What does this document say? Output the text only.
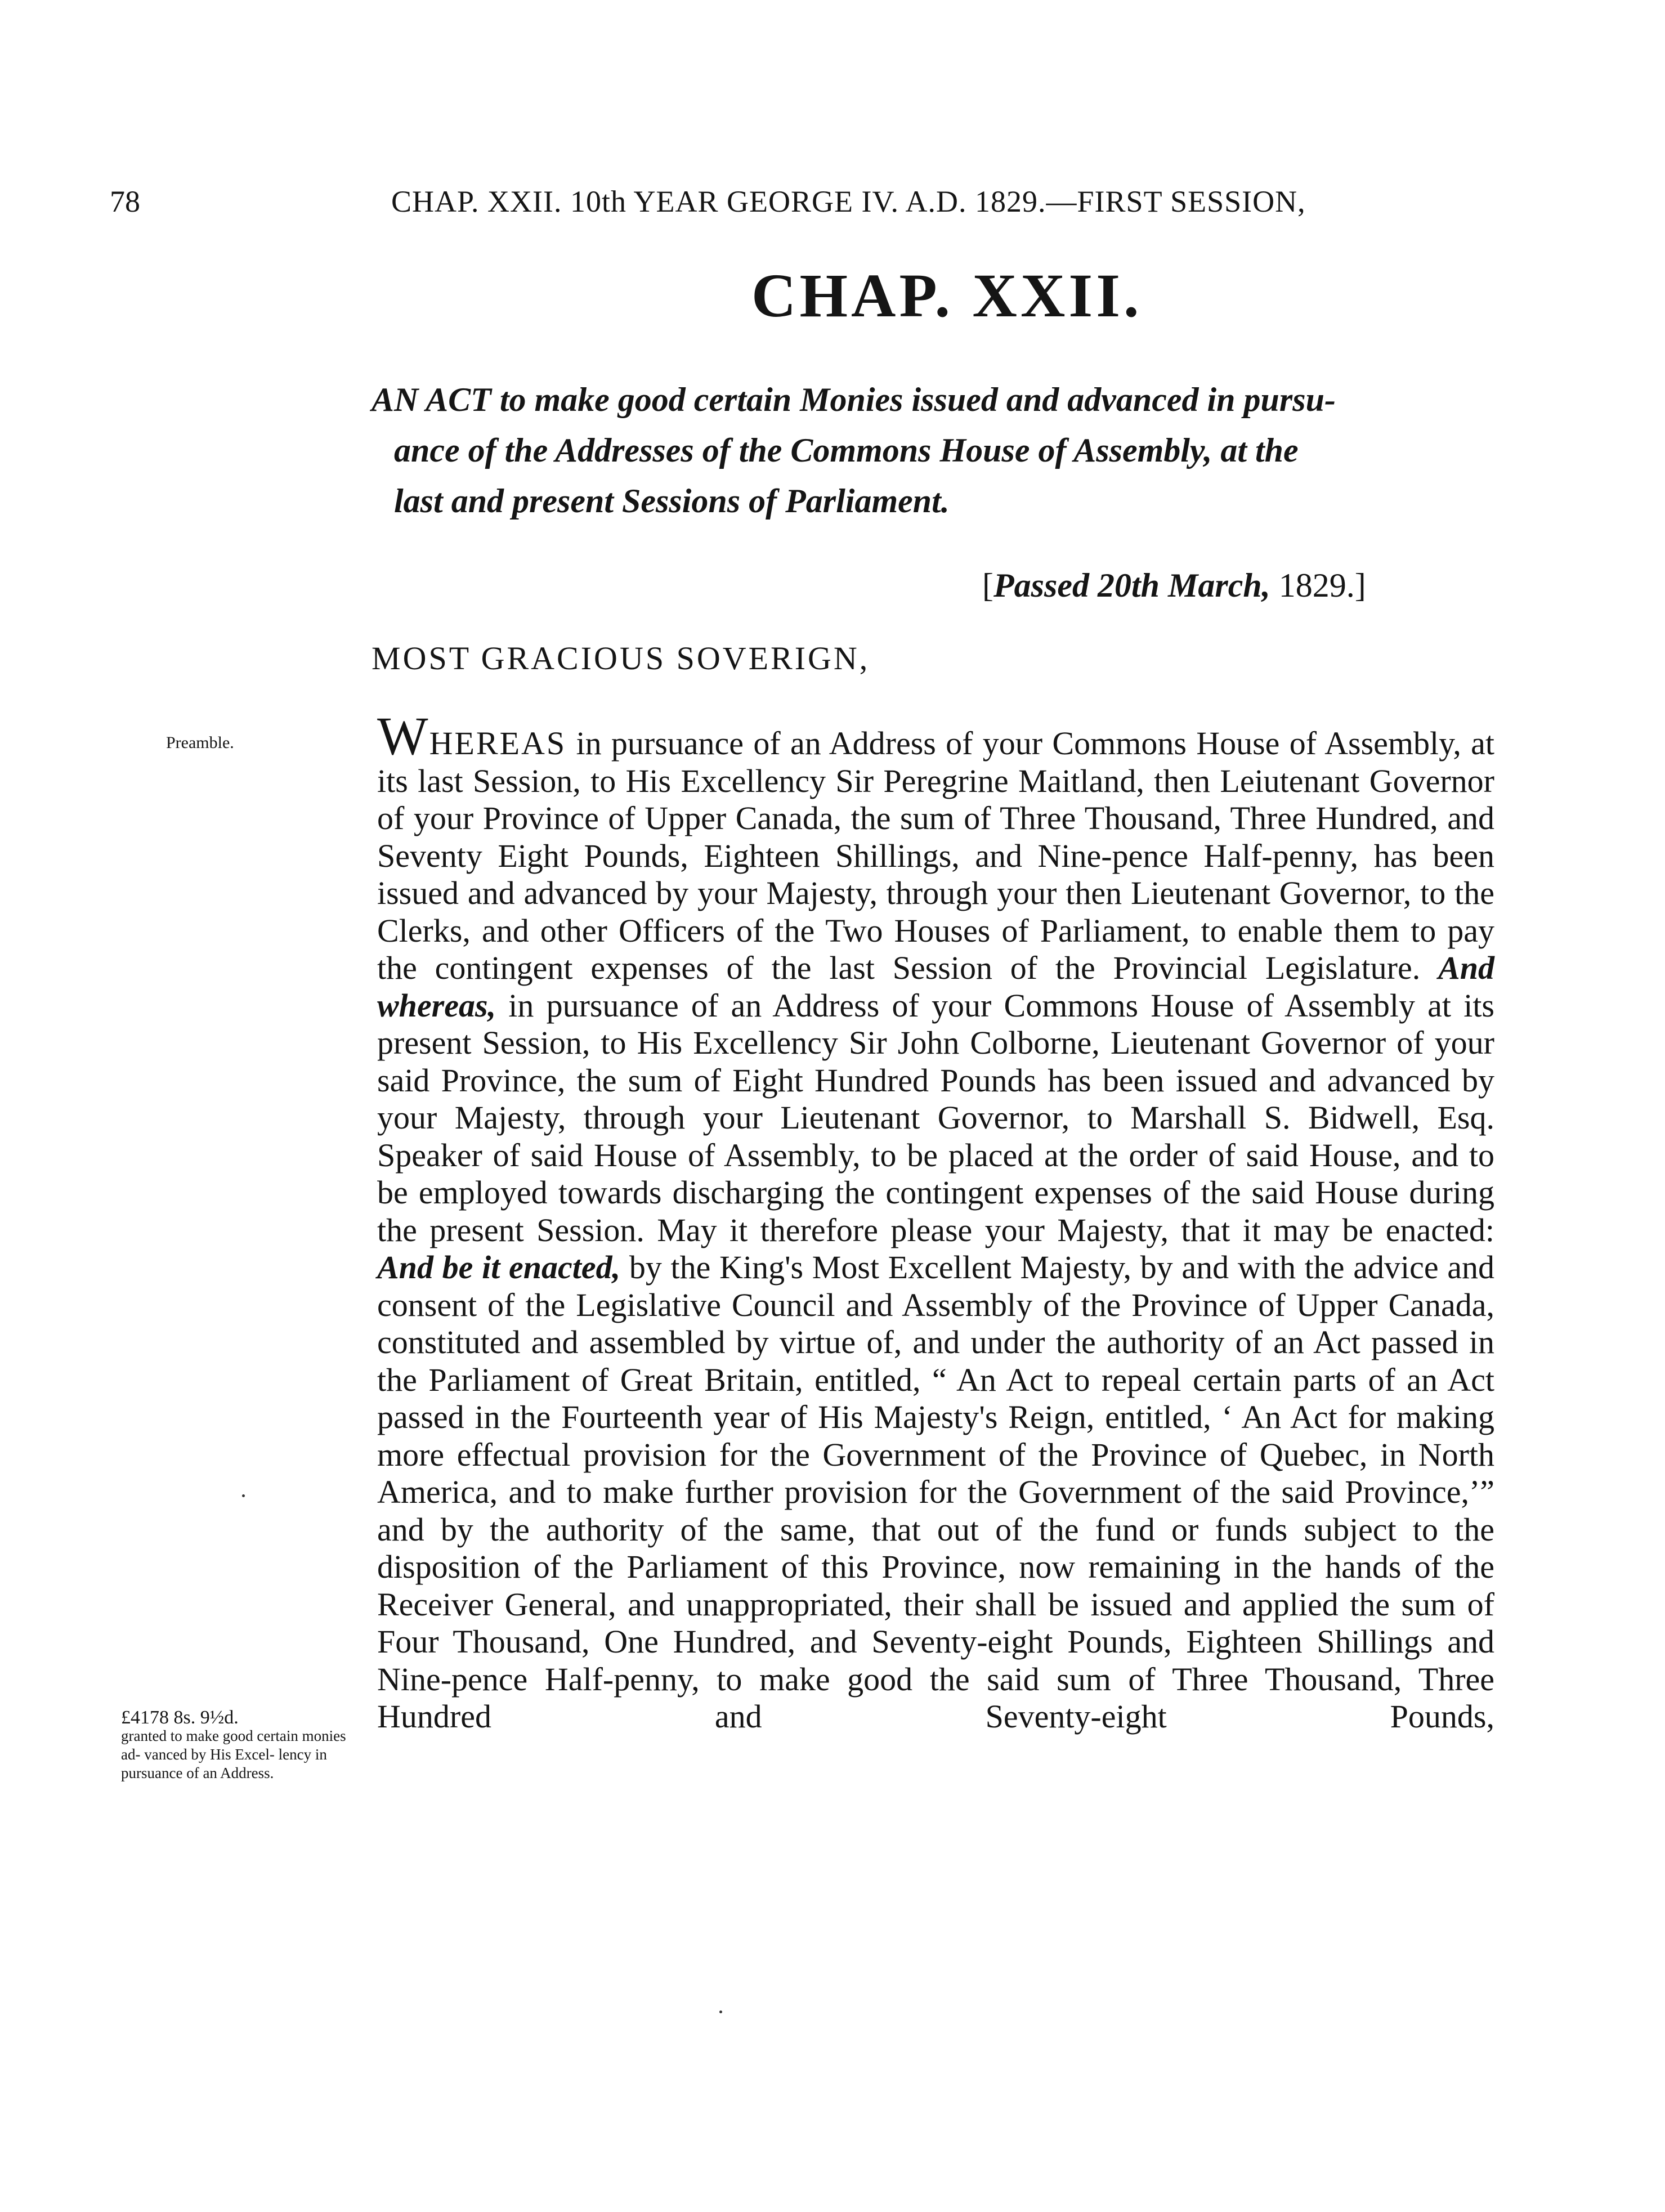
78	CHAP. XXII. 10th YEAR GEORGE IV. A.D. 1829.—FIRST SESSION,
CHAP. XXII.
AN ACT to make good certain Monies issued and advanced in pursu-
ance of the Addresses of the Commons House of Assembly, at the
last and present Sessions of Parliament.
[Passed 20th March, 1829.]
MOST GRACIOUS SOVERIGN,
Preamble.
£4178 8s. 9½d.
granted to make good certain monies ad- vanced by His Excel- lency in pursuance of an Address.
WHEREAS in pursuance of an Address of your Commons House of Assembly, at its last Session, to His Excellency Sir Peregrine Maitland, then Leiutenant Governor of your Province of Upper Canada, the sum of Three Thousand, Three Hundred, and Seventy Eight Pounds, Eighteen Shillings, and Nine-pence Half-penny, has been issued and advanced by your Majesty, through your then Lieutenant Governor, to the Clerks, and other Officers of the Two Houses of Parliament, to enable them to pay the contingent expenses of the last Session of the Provincial Legislature. And whereas, in pursuance of an Address of your Commons House of Assembly at its present Session, to His Excellency Sir John Colborne, Lieutenant Governor of your said Province, the sum of Eight Hundred Pounds has been issued and advanced by your Majesty, through your Lieutenant Governor, to Marshall S. Bidwell, Esq. Speaker of said House of Assembly, to be placed at the order of said House, and to be employed towards discharging the contingent expenses of the said House during the present Session. May it therefore please your Majesty, that it may be enacted: And be it enacted, by the King's Most Excellent Majesty, by and with the advice and consent of the Legislative Council and Assembly of the Province of Upper Canada, constituted and assembled by virtue of, and under the authority of an Act passed in the Parliament of Great Britain, entitled, “ An Act to repeal certain parts of an Act passed in the Fourteenth year of His Majesty's Reign, entitled, ‘ An Act for making more effectual provision for the Government of the Province of Quebec, in North America, and to make further provision for the Government of the said Province,’” and by the authority of the same, that out of the fund or funds subject to the disposition of the Parliament of this Province, now remaining in the hands of the Receiver General, and unappropriated, their shall be issued and applied the sum of Four Thousand, One Hundred, and Seventy-eight Pounds, Eighteen Shillings and Nine-pence Half-penny, to make good the said sum of Three Thousand, Three Hundred and Seventy-eight Pounds,
